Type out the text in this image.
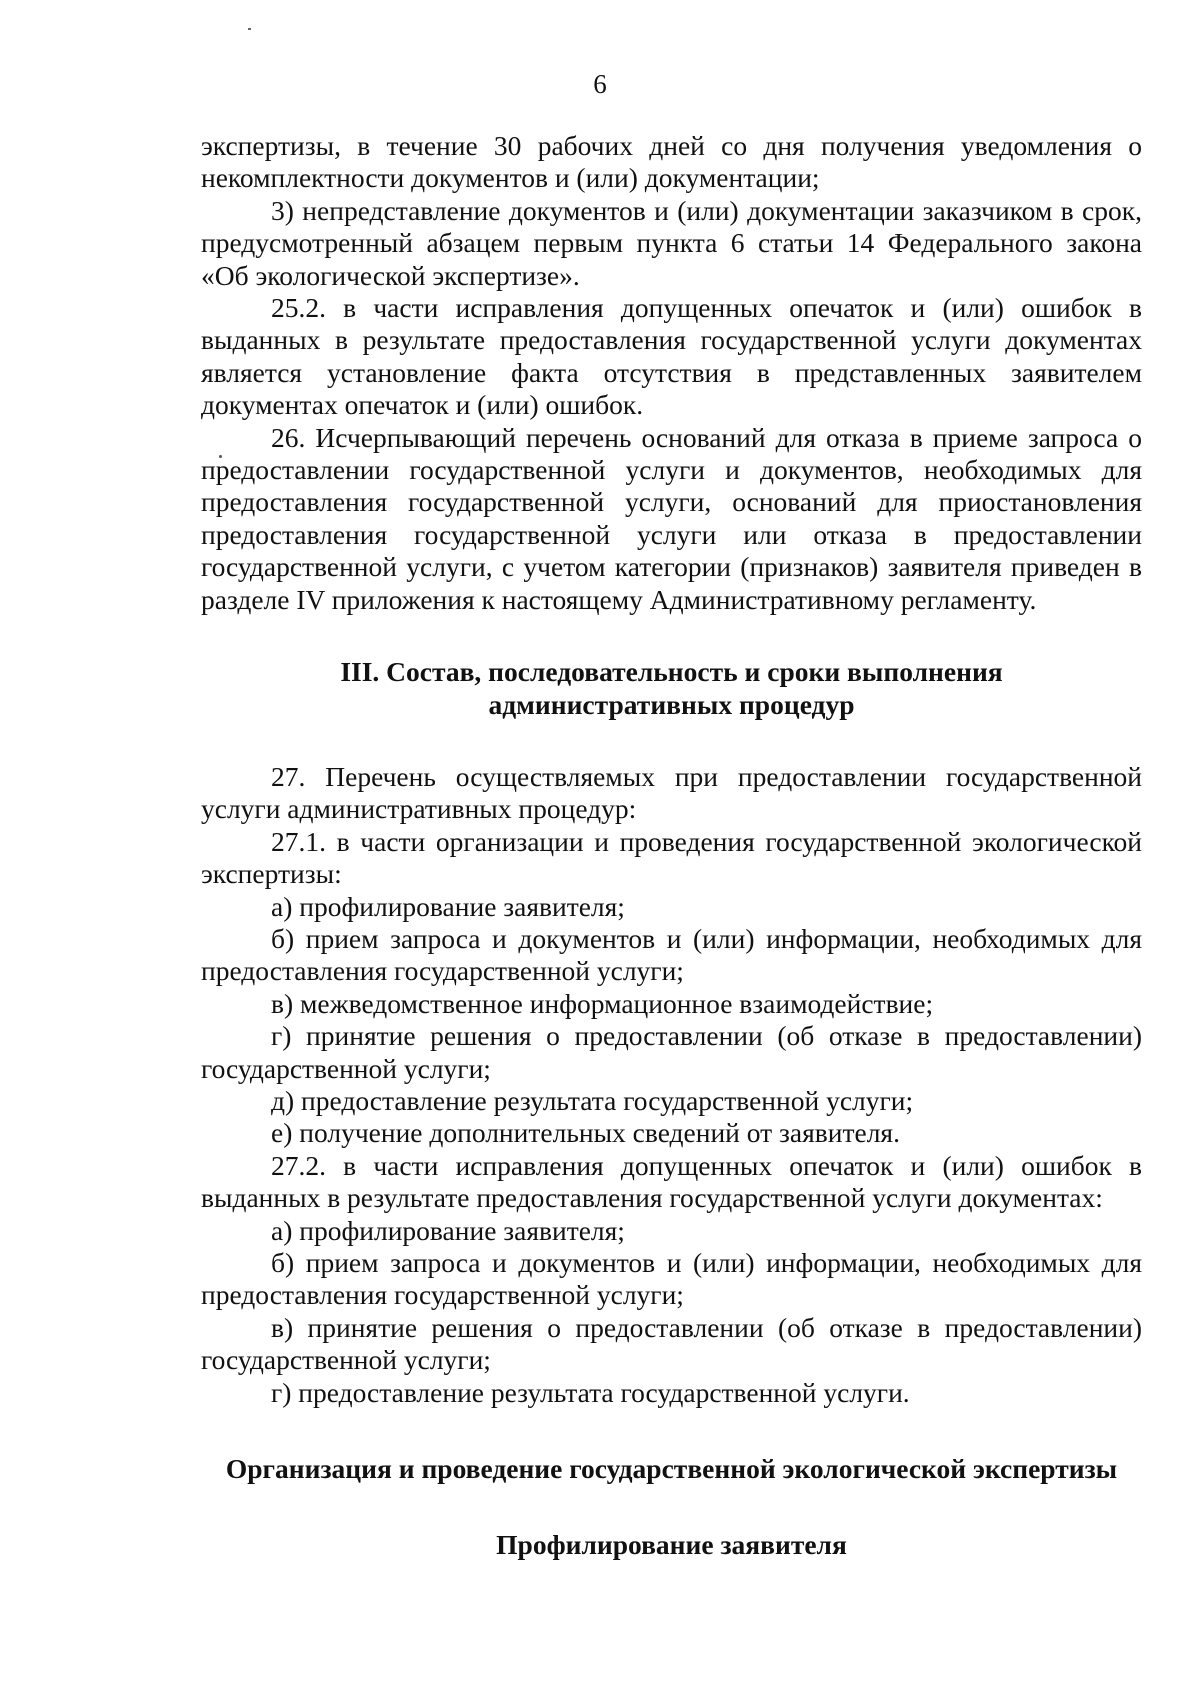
6

экспертизы, в течение 30 рабочих дней со дня получения уведомления о некомплектности документов и (или) документации;

3) непредставление документов и (или) документации заказчиком в срок, предусмотренный абзацем первым пункта 6 статьи 14 Федерального закона «Об экологической экспертизе».

25.2. в части исправления допущенных опечаток и (или) ошибок в выданных в результате предоставления государственной услуги документах является установление факта отсутствия в представленных заявителем документах опечаток и (или) ошибок.

26. Исчерпывающий перечень оснований для отказа в приеме запроса о предоставлении государственной услуги и документов, необходимых для предоставления государственной услуги, оснований для приостановления предоставления государственной услуги или отказа в предоставлении государственной услуги, с учетом категории (признаков) заявителя приведен в разделе IV приложения к настоящему Административному регламенту.

III. Состав, последовательность и сроки выполнения
административных процедур

27. Перечень осуществляемых при предоставлении государственной услуги административных процедур:

27.1. в части организации и проведения государственной экологической экспертизы:

а) профилирование заявителя;

б) прием запроса и документов и (или) информации, необходимых для предоставления государственной услуги;

в) межведомственное информационное взаимодействие;

г) принятие решения о предоставлении (об отказе в предоставлении) государственной услуги;

д) предоставление результата государственной услуги;

е) получение дополнительных сведений от заявителя.

27.2. в части исправления допущенных опечаток и (или) ошибок в выданных в результате предоставления государственной услуги документах:

а) профилирование заявителя;

б) прием запроса и документов и (или) информации, необходимых для предоставления государственной услуги;

в) принятие решения о предоставлении (об отказе в предоставлении) государственной услуги;

г) предоставление результата государственной услуги.

Организация и проведение государственной экологической экспертизы
Профилирование заявителя
